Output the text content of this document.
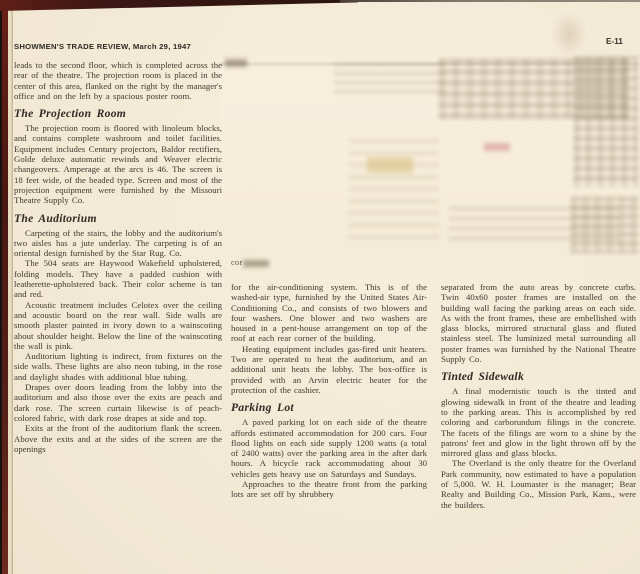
SHOWMEN'S TRADE REVIEW, March 29, 1947
E-11
cor

leads to the second floor, which is completed across the rear of the theatre. The projection room is placed in the center of this area, flanked on the right by the manager's office and on the left by a spacious poster room.

The Projection Room

The projection room is floored with linoleum blocks, and contains complete washroom and toilet facilities. Equipment includes Century projectors, Baldor rectifiers, Golde deluxe automatic rewinds and Weaver electric changeovers. Amperage at the arcs is 46. The screen is 18 feet wide, of the beaded type. Screen and most of the projection equipment were furnished by the Missouri Theatre Supply Co.

The Auditorium

Carpeting of the stairs, the lobby and the auditorium's two aisles has a jute underlay. The carpeting is of an oriental design furnished by the Star Rug. Co.

The 504 seats are Haywood Wakefield upholstered, folding models. They have a padded cushion with leatherette-upholstered back. Their color scheme is tan and red.

Acoustic treatment includes Celotex over the ceiling and acoustic board on the rear wall. Side walls are smooth plaster painted in ivory down to a wainscoting about shoulder height. Below the line of the wainscoting the wall is pink.

Auditorium lighting is indirect, from fixtures on the side walls. These lights are also neon tubing, in the rose and daylight shades with additional blue tubing.

Drapes over doors leading from the lobby into the auditorium and also those over the exits are peach and dark rose. The screen curtain likewise is of peach-colored fabric, with dark rose drapes at side and top.

Exits at the front of the auditorium flank the screen. Above the exits and at the sides of the screen are the openings

for the air-conditioning system. This is of the washed-air type, furnished by the United States Air-Conditioning Co., and consists of two blowers and four washers. One blower and two washers are housed in a pent-house arrangement on top of the roof at each rear corner of the building.

Heating equipment includes gas-fired unit heaters. Two are operated to heat the auditorium, and an additional unit heats the lobby. The box-office is provided with an Arvin electric heater for the protection of the cashier.

Parking Lot

A paved parking lot on each side of the theatre affords estimated accommodation for 200 cars. Four flood lights on each side supply 1200 watts (a total of 2400 watts) over the parking area in the after dark hours. A bicycle rack accommodating about 30 vehicles gets heavy use on Saturdays and Sundays.

Approaches to the theatre front from the parking lots are set off by shrubbery

separated from the auto areas by concrete curbs. Twin 40x60 poster frames are installed on the building wall facing the parking areas on each side. As with the front frames, these are embellished with glass blocks, mirrored structural glass and fluted stainless steel. The luminized metal surrounding all poster frames was furnished by the National Theatre Supply Co.

Tinted Sidewalk

A final modernistic touch is the tinted and glowing sidewalk in front of the theatre and leading to the parking areas. This is accomplished by red coloring and carborundum filings in the concrete. The facets of the filings are worn to a shine by the patrons' feet and glow in the light thrown off by the mirrored glass and glass blocks.

The Overland is the only theatre for the Overland Park community, now estimated to have a population of 5,000. W. H. Loumaster is the manager; Bear Realty and Building Co., Mission Park, Kans., were the builders.
